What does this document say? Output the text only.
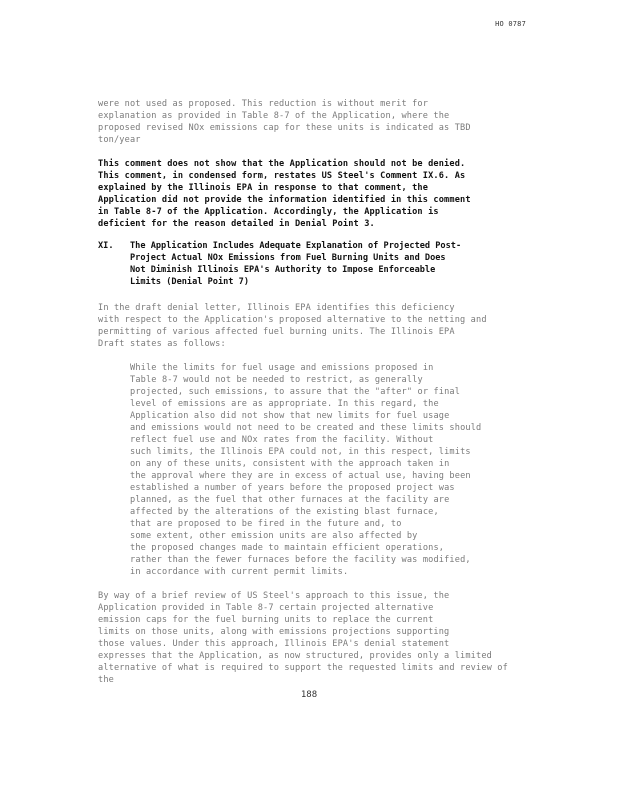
HO 0787
were not used as proposed. This reduction is without merit for
explanation as provided in Table 8-7 of the Application, where the
proposed revised NOx emissions cap for these units is indicated as TBD
ton/year
This comment does not show that the Application should not be denied.
This comment, in condensed form, restates US Steel's Comment IX.6. As
explained by the Illinois EPA in response to that comment, the
Application did not provide the information identified in this comment
in Table 8-7 of the Application. Accordingly, the Application is
deficient for the reason detailed in Denial Point 3.
XI. The Application Includes Adequate Explanation of Projected Post-
Project Actual NOx Emissions from Fuel Burning Units and Does
Not Diminish Illinois EPA's Authority to Impose Enforceable
Limits (Denial Point 7)
In the draft denial letter, Illinois EPA identifies this deficiency
with respect to the Application's proposed alternative to the netting and
permitting of various affected fuel burning units. The Illinois EPA
Draft states as follows:
While the limits for fuel usage and emissions proposed in
Table 8-7 would not be needed to restrict, as generally
projected, such emissions, to assure that the "after" or final
level of emissions are as appropriate. In this regard, the
Application also did not show that new limits for fuel usage
and emissions would not need to be created and these limits should
reflect fuel use and NOx rates from the facility. Without
such limits, the Illinois EPA could not, in this respect, limits
on any of these units, consistent with the approach taken in
the approval where they are in excess of actual use, having been
established a number of years before the proposed project was
planned, as the fuel that other furnaces at the facility are
affected by the alterations of the existing blast furnace,
that are proposed to be fired in the future and, to
some extent, other emission units are also affected by
the proposed changes made to maintain efficient operations,
rather than the fewer furnaces before the facility was modified,
in accordance with current permit limits.
By way of a brief review of US Steel's approach to this issue, the
Application provided in Table 8-7 certain projected alternative
emission caps for the fuel burning units to replace the current
limits on those units, along with emissions projections supporting
those values. Under this approach, Illinois EPA's denial statement
expresses that the Application, as now structured, provides only a limited
alternative of what is required to support the requested limits and review of the
188
